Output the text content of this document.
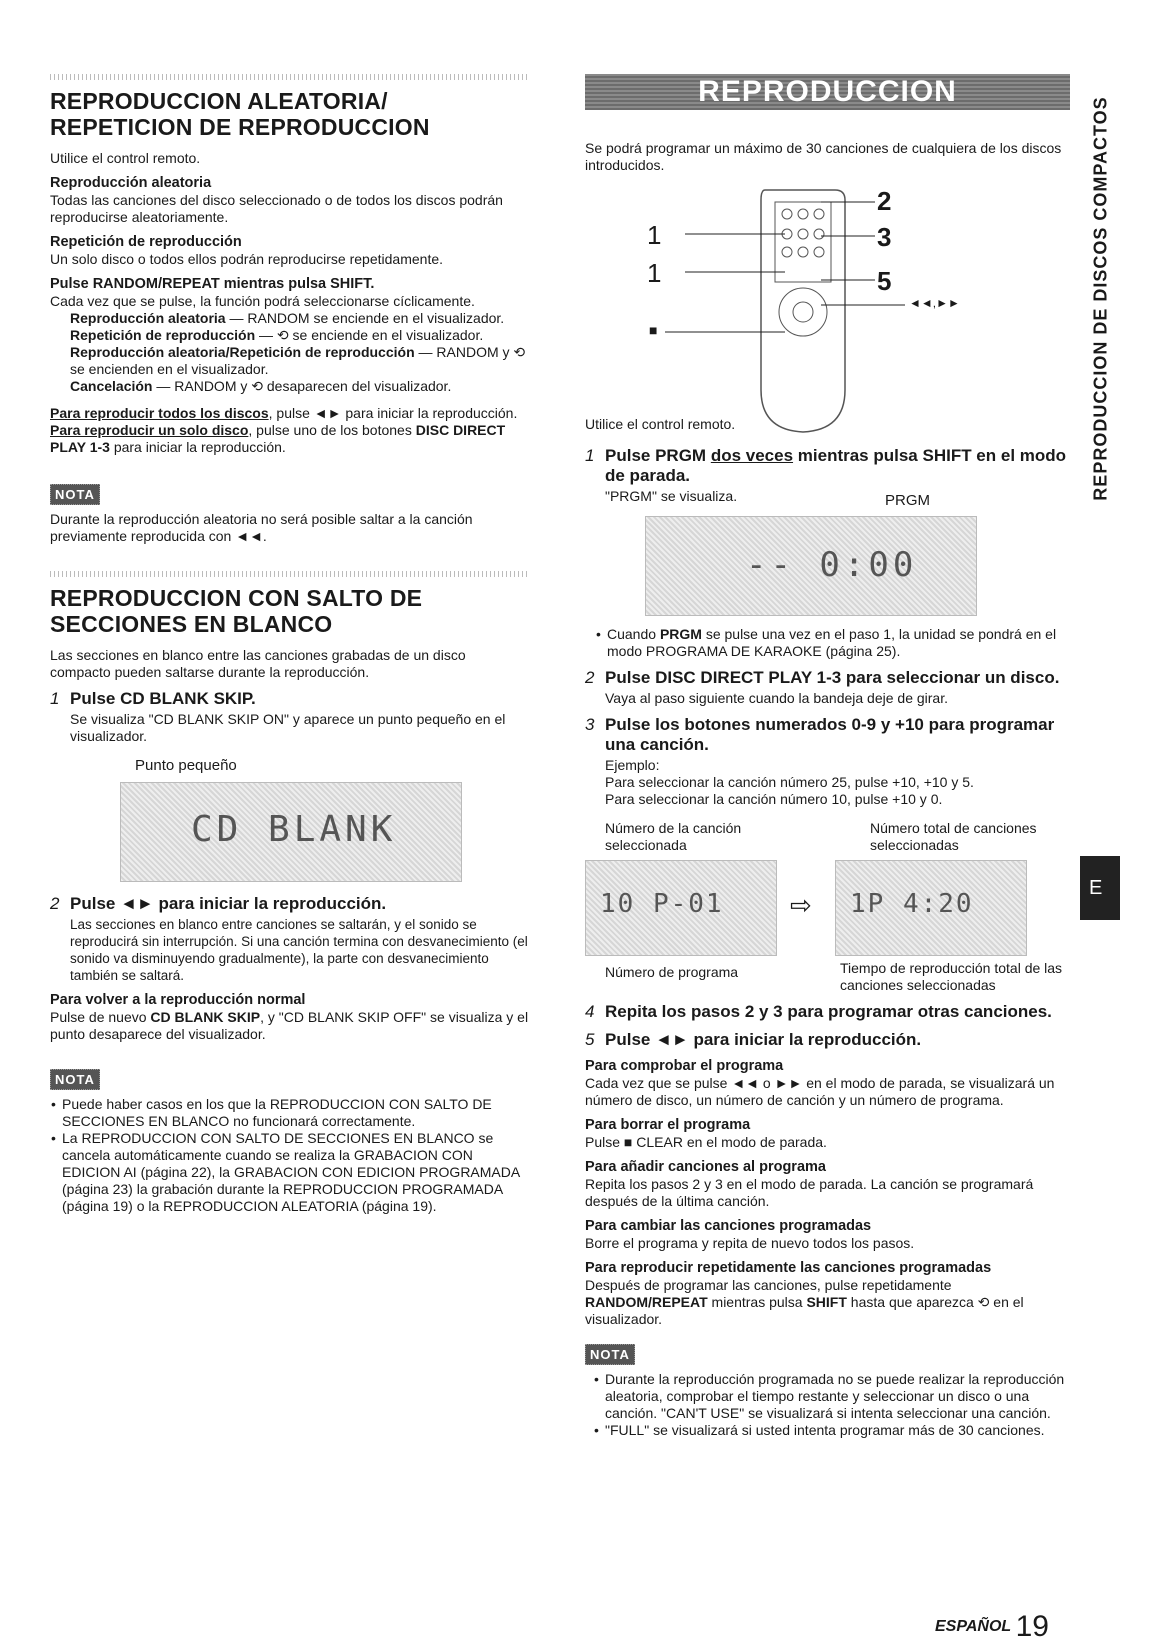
REPRODUCCION ALEATORIA/
REPETICION DE REPRODUCCION
Utilice el control remoto.
Reproducción aleatoria
Todas las canciones del disco seleccionado o de todos los discos podrán reproducirse aleatoriamente.
Repetición de reproducción
Un solo disco o todos ellos podrán reproducirse repetidamente.
Pulse RANDOM/REPEAT mientras pulsa SHIFT.
Cada vez que se pulse, la función podrá seleccionarse cíclicamente.
Reproducción aleatoria — RANDOM se enciende en el visualizador.
Repetición de reproducción — ⟲ se enciende en el visualizador.
Reproducción aleatoria/Repetición de reproducción — RANDOM y ⟲ se encienden en el visualizador.
Cancelación — RANDOM y ⟲ desaparecen del visualizador.
Para reproducir todos los discos, pulse ◄► para iniciar la reproducción.
Para reproducir un solo disco, pulse uno de los botones DISC DIRECT PLAY 1-3 para iniciar la reproducción.
NOTA
Durante la reproducción aleatoria no será posible saltar a la canción previamente reproducida con ◄◄.
REPRODUCCION CON SALTO DE
SECCIONES EN BLANCO
Las secciones en blanco entre las canciones grabadas de un disco compacto pueden saltarse durante la reproducción.
1 Pulse CD BLANK SKIP.
Se visualiza "CD BLANK SKIP ON" y aparece un punto pequeño en el visualizador.
Punto pequeño
CD BLANK
2 Pulse ◄► para iniciar la reproducción.
Las secciones en blanco entre canciones se saltarán, y el sonido se reproducirá sin interrupción. Si una canción termina con desvanecimiento (el sonido va disminuyendo gradualmente), la parte con desvanecimiento también se saltará.
Para volver a la reproducción normal
Pulse de nuevo CD BLANK SKIP, y "CD BLANK SKIP OFF" se visualiza y el punto desaparece del visualizador.
NOTA
• Puede haber casos en los que la REPRODUCCION CON SALTO DE SECCIONES EN BLANCO no funcionará correctamente.
• La REPRODUCCION CON SALTO DE SECCIONES EN BLANCO se cancela automáticamente cuando se realiza la GRABACION CON EDICION AI (página 22), la GRABACION CON EDICION PROGRAMADA (página 23) la grabación durante la REPRODUCCION PROGRAMADA (página 19) o la REPRODUCCION ALEATORIA (página 19).
REPRODUCCION PROGRAMADA
Se podrá programar un máximo de 30 canciones de cualquiera de los discos introducidos.
1
1
■
2
3
5
◄◄,►►
Utilice el control remoto.
1 Pulse PRGM dos veces mientras pulsa SHIFT en el modo de parada.
"PRGM" se visualiza.	PRGM
-- 0:00
• Cuando PRGM se pulse una vez en el paso 1, la unidad se pondrá en el modo PROGRAMA DE KARAOKE (página 25).
2 Pulse DISC DIRECT PLAY 1-3 para seleccionar un disco.
Vaya al paso siguiente cuando la bandeja deje de girar.
3 Pulse los botones numerados 0-9 y +10 para programar una canción.
Ejemplo:
Para seleccionar la canción número 25, pulse +10, +10 y 5.
Para seleccionar la canción número 10, pulse +10 y 0.
Número de la canción seleccionada
Número total de canciones seleccionadas
10 P-01	⇨ 1P 4:20
Número de programa	Tiempo de reproducción total de las canciones seleccionadas
4 Repita los pasos 2 y 3 para programar otras canciones.
5 Pulse ◄► para iniciar la reproducción.
Para comprobar el programa
Cada vez que se pulse ◄◄ o ►► en el modo de parada, se visualizará un número de disco, un número de canción y un número de programa.
Para borrar el programa
Pulse ■ CLEAR en el modo de parada.
Para añadir canciones al programa
Repita los pasos 2 y 3 en el modo de parada. La canción se programará después de la última canción.
Para cambiar las canciones programadas
Borre el programa y repita de nuevo todos los pasos.
Para reproducir repetidamente las canciones programadas
Después de programar las canciones, pulse repetidamente RANDOM/REPEAT mientras pulsa SHIFT hasta que aparezca ⟲ en el visualizador.
NOTA
• Durante la reproducción programada no se puede realizar la reproducción aleatoria, comprobar el tiempo restante y seleccionar un disco o una canción. "CAN'T USE" se visualizará si intenta seleccionar una canción.
• "FULL" se visualizará si usted intenta programar más de 30 canciones.
REPRODUCCION DE DISCOS COMPACTOS
E
ESPAÑOL 19
